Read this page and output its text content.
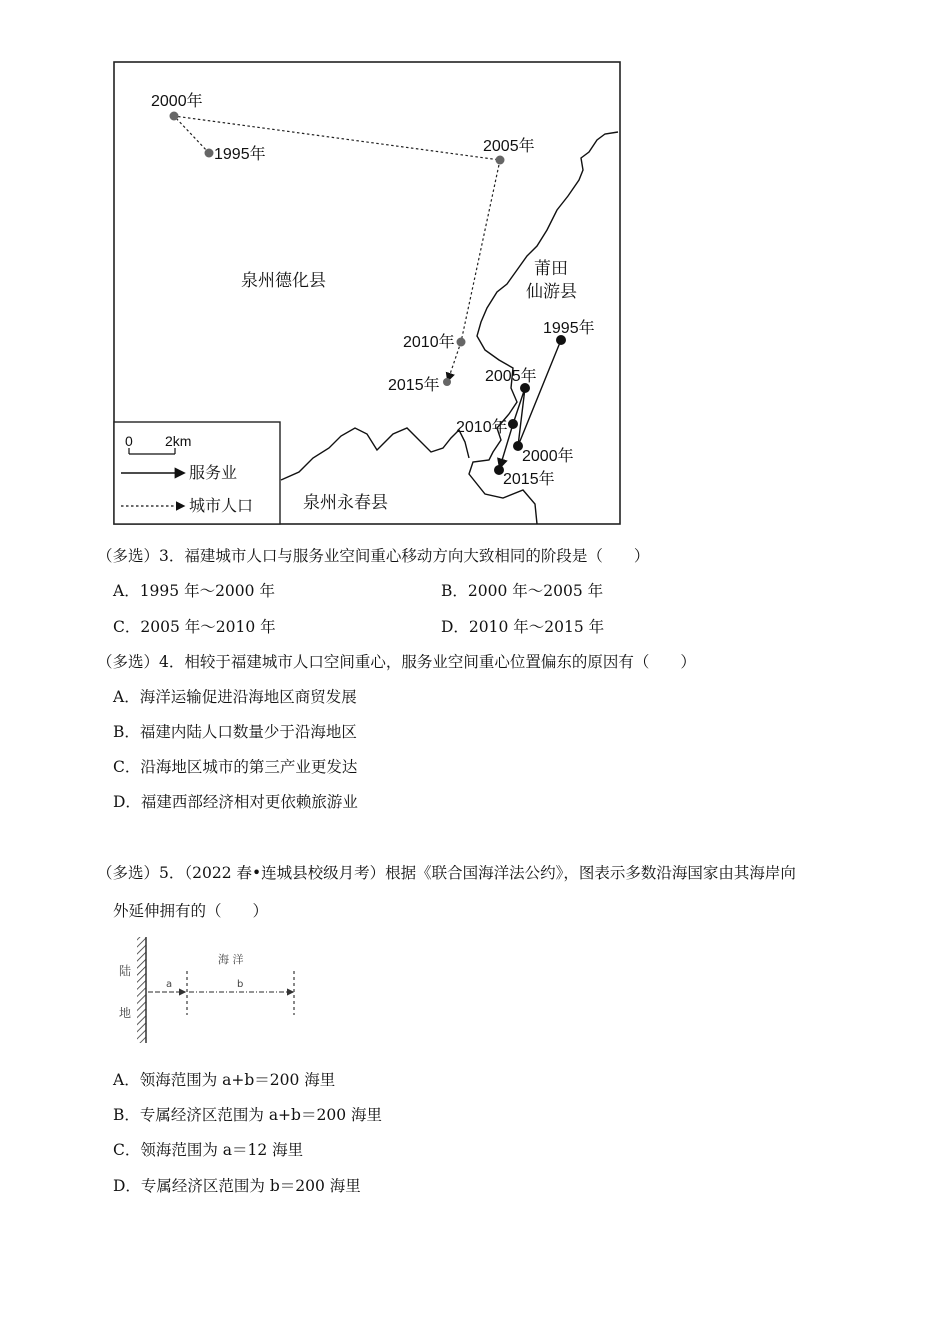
0 2km
服务业
城市人口
泉州德化县
莆田
仙游县
泉州永春县
2000年
1995年	2005年
2010年
2015年
1995年
2005年
2010年
2000年
2015年
（多选）3．福建城市人口与服务业空间重心移动方向大致相同的阶段是（　　）
A．1995 年～2000 年	B．2000 年～2005 年
C．2005 年～2010 年	D．2010 年～2015 年
（多选）4．相较于福建城市人口空间重心，服务业空间重心位置偏东的原因有（　　）
A．海洋运输促进沿海地区商贸发展
B．福建内陆人口数量少于沿海地区
C．沿海地区城市的第三产业更发达
D．福建西部经济相对更依赖旅游业
（多选）5．（2022 春•连城县校级月考）根据《联合国海洋法公约》，图表示多数沿海国家由其海岸向
外延伸拥有的（　　）
陆
地
海 洋
a	b
A．领海范围为 a+b＝200 海里
B．专属经济区范围为 a+b＝200 海里
C．领海范围为 a＝12 海里
D．专属经济区范围为 b＝200 海里
